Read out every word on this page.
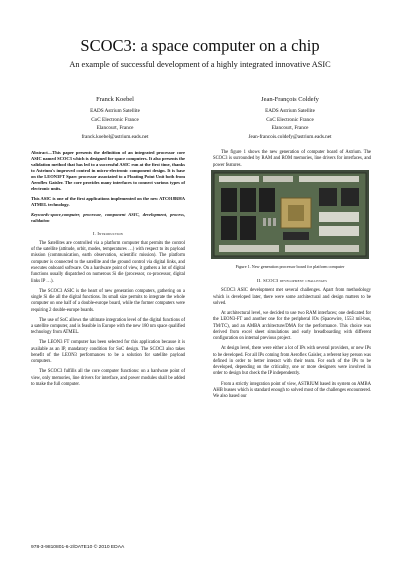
SCOC3: a space computer on a chip
An example of successful development of a highly integrated innovative ASIC
Franck Koebel
EADS Astrium Satellite
CoC Electronic France
Elancourt, France
franck.koebel@astrium.eads.net
Jean-François Coldefy
EADS Astrium Satellite
CoC Electronic France
Elancourt, France
Jean-francois.coldefy@astrium.eads.net

Abstract—This paper presents the definition of an integrated processor core ASIC named SCOC3 which is designed for space computers. It also presents the validation method that has led to a successful ASIC run at the first time, thanks to Astrium's improved control in micro-electronic component design. It is base on the LEON3FT Sparc processor associated to a Floating Point Unit both from Aeroflex Gaisler. The core provides many interfaces to connect various types of electronic units.

This ASIC is one of the first applications implemented on the new ATC018RHA ATMEL technology.

Keywords-space,computer, processor, component ASIC, development, process, validation

I. Introduction

The Satellites are controlled via a platform computer that permits the control of the satellite (attitude, orbit, modes, temperatures …) with respect to its payload mission (communication, earth observation, scientific mission). The platform computer is connected to the satellite and the ground control via digital links, and executes onboard software. On a hardware point of view, it gathers a lot of digital functions usually dispatched on numerous Si die (processor, co-processor, digital links IP …).

The SCOC3 ASIC is the heart of new generation computers, gathering on a single Si die all the digital functions. Its small size permits to integrate the whole computer on one half of a double-europe board, while the former computers were requiring 2 double-europe boards.

The use of SoC allows the ultimate integration level of the digital functions of a satellite computer, and is feasible in Europe with the new 180 nm space qualified technology from ATMEL.

The LEON3 FT computer has been selected for this application because it is available as an IP, mandatory condition for SoC design. The SCOC3 also takes benefit of the LEON3 performances to be a solution for satellite payload computers.

The SCOC3 fulfills all the core computer functions: on a hardware point of view, only memories, line drivers for interface, and power modules shall be added to make the full computer.

The figure 1 shows the new generation of computer board of Astrium. The SCOC3 is surrounded by RAM and ROM memories, line drivers for interfaces, and power features.

Figure 1. New generation processor board for platform computer
II. SCOC3 development challenges

SCOC3 ASIC development met several challenges. Apart from methodology which is developed later, there were some architectural and design matters to be solved.

At architectural level, we decided to use two RAM interfaces; one dedicated for the LEON3-FT and another one for the peripheral IOs (Spacewire, 1553 mil-bus, TM/TC), and an AMBA architecture/DMA for the performance. This choice was derived from excel sheet simulations and early breadboarding with different configuration on internal previous project.

At design level, there were either a lot of IPs with several providers, or new IPs to be developed. For all IPs coming from Aeroflex Gaisler, a referent key person was defined in order to better interact with their team. For each of the IPs to be developed, depending on the criticality, one or more designers were involved in order to design but check the IP independently.

From a strictly integration point of view, ASTRIUM based its system on AMBA AHB busses which is standard enough to solved most of the challenges encountered. We also based our

978-3-9810801-6-2/DATE10 © 2010 EDAA
